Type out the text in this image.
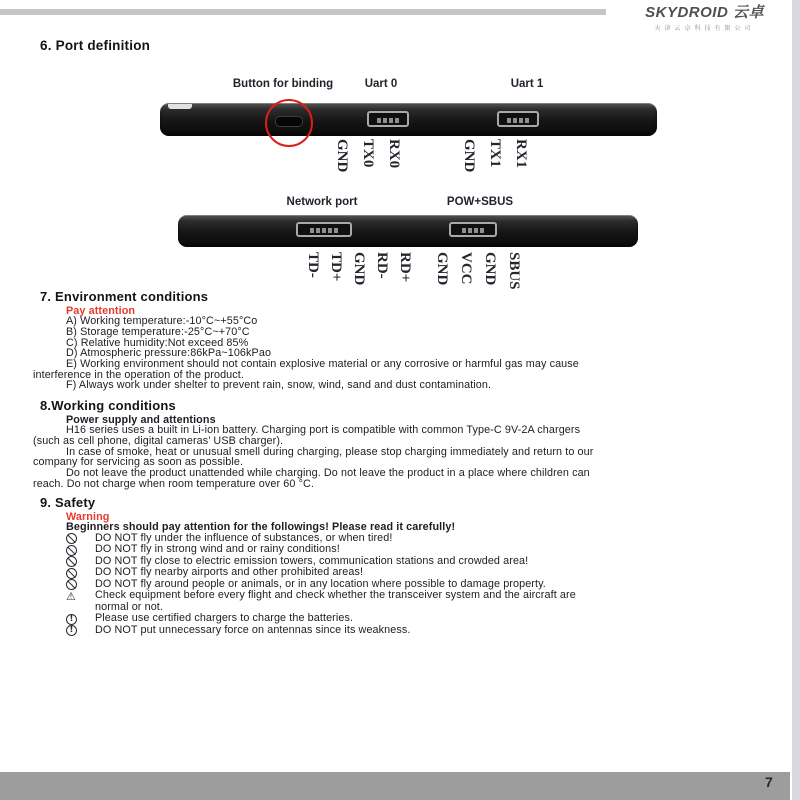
SKYDROID 云卓
天津云卓科技有限公司
6. Port definition
Button for binding	Uart 0	Uart 1
GND TX0 RX0	GND TX1 RX1
Network port	POW+SBUS
TD- TD+ GND RD- RD+ GND VCC GND SBUS
7. Environment conditions
Pay attention
A) Working temperature:-10°C~+55°Co
B) Storage temperature:-25°C~+70°C
C) Relative humidity:Not exceed 85%
D) Atmospheric pressure:86kPa~106kPao
E) Working environment should not contain explosive material or any corrosive or harmful gas may cause
interference in the operation of the product.
F) Always work under shelter to prevent rain, snow, wind, sand and dust contamination.
8.Working conditions
Power supply and attentions
H16 series uses a built in Li-ion battery. Charging port is compatible with common Type-C 9V-2A chargers
(such as cell phone, digital cameras’ USB charger).
In case of smoke, heat or unusual smell during charging, please stop charging immediately and return to our
company for servicing as soon as possible.
Do not leave the product unattended while charging. Do not leave the product in a place where children can
reach. Do not charge when room temperature over 60 °C.
9. Safety
Warning
Beginners should pay attention for the followings! Please read it carefully!
DO NOT fly under the influence of substances, or when tired!
DO NOT fly in strong wind and or rainy conditions!
DO NOT fly close to electric emission towers, communication stations and crowded area!
DO NOT fly nearby airports and other prohibited areas!
DO NOT fly around people or animals, or in any location where possible to damage property.
⚠ Check equipment before every flight and check whether the transceiver system and the aircraft are
normal or not.
!	Please use certified chargers to charge the batteries.
!	DO NOT put unnecessary force on antennas since its weakness.
7
